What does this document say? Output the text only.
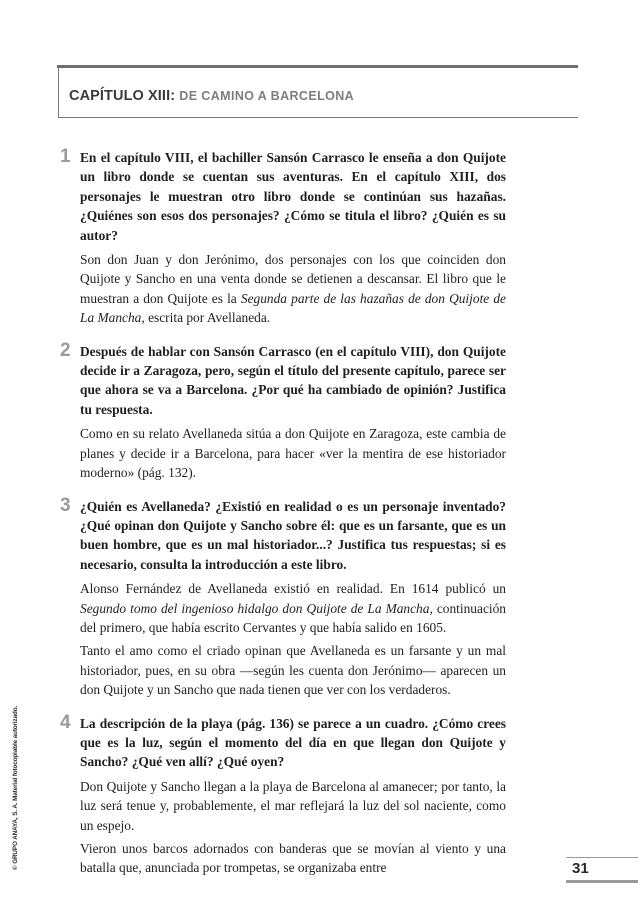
CAPÍTULO XIII: DE CAMINO A BARCELONA
1 En el capítulo VIII, el bachiller Sansón Carrasco le enseña a don Quijote un libro donde se cuentan sus aventuras. En el capítulo XIII, dos personajes le muestran otro libro donde se continúan sus hazañas. ¿Quiénes son esos dos personajes? ¿Cómo se titula el libro? ¿Quién es su autor?

Son don Juan y don Jerónimo, dos personajes con los que coinciden don Quijote y Sancho en una venta donde se detienen a descansar. El libro que le muestran a don Quijote es la Segunda parte de las hazañas de don Quijote de La Mancha, escrita por Avellaneda.

2 Después de hablar con Sansón Carrasco (en el capítulo VIII), don Quijote decide ir a Zaragoza, pero, según el título del presente capítulo, parece ser que ahora se va a Barcelona. ¿Por qué ha cambiado de opinión? Justifica tu respuesta.

Como en su relato Avellaneda sitúa a don Quijote en Zaragoza, este cambia de planes y decide ir a Barcelona, para hacer «ver la mentira de ese historiador moderno» (pág. 132).

3 ¿Quién es Avellaneda? ¿Existió en realidad o es un personaje inventado? ¿Qué opinan don Quijote y Sancho sobre él: que es un farsante, que es un buen hombre, que es un mal historiador...? Justifica tus respuestas; si es necesario, consulta la introducción a este libro.

Alonso Fernández de Avellaneda existió en realidad. En 1614 publicó un Segundo tomo del ingenioso hidalgo don Quijote de La Mancha, continuación del primero, que había escrito Cervantes y que había salido en 1605.

Tanto el amo como el criado opinan que Avellaneda es un farsante y un mal historiador, pues, en su obra —según les cuenta don Jerónimo— aparecen un don Quijote y un Sancho que nada tienen que ver con los verdaderos.

4 La descripción de la playa (pág. 136) se parece a un cuadro. ¿Cómo crees que es la luz, según el momento del día en que llegan don Quijote y Sancho? ¿Qué ven allí? ¿Qué oyen?

Don Quijote y Sancho llegan a la playa de Barcelona al amanecer; por tanto, la luz será tenue y, probablemente, el mar reflejará la luz del sol naciente, como un espejo.

Vieron unos barcos adornados con banderas que se movían al viento y una batalla que, anunciada por trompetas, se organizaba entre

© GRUPO ANAYA, S. A. Material fotocopiable autorizado.	31
